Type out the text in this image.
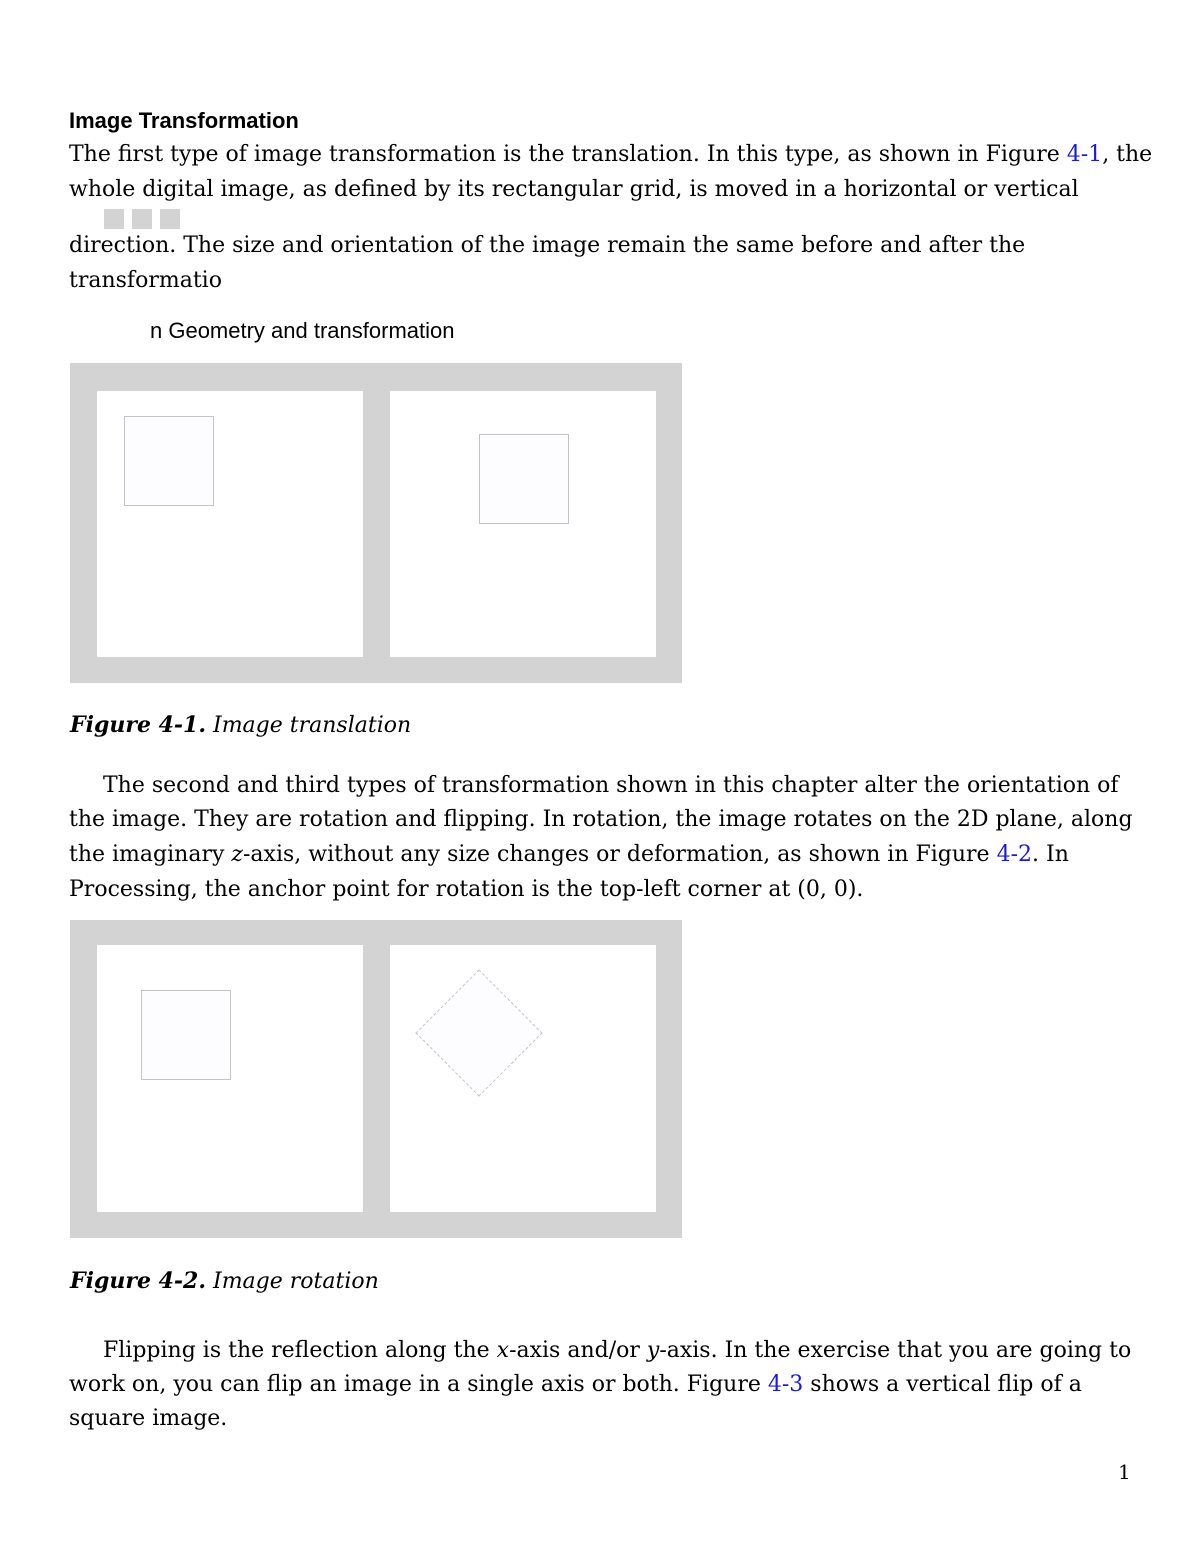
Image Transformation
The first type of image transformation is the translation. In this type, as shown in Figure 4-1, the
whole digital image, as defined by its rectangular grid, is moved in a horizontal or vertical
direction. The size and orientation of the image remain the same before and after the
transformatio
n Geometry and transformation
Figure 4-1. Image translation
The second and third types of transformation shown in this chapter alter the orientation of
the image. They are rotation and flipping. In rotation, the image rotates on the 2D plane, along
the imaginary z-axis, without any size changes or deformation, as shown in Figure 4-2. In
Processing, the anchor point for rotation is the top-left corner at (0, 0).
Figure 4-2. Image rotation
Flipping is the reflection along the x-axis and/or y-axis. In the exercise that you are going to
work on, you can flip an image in a single axis or both. Figure 4-3 shows a vertical flip of a
square image.
1
